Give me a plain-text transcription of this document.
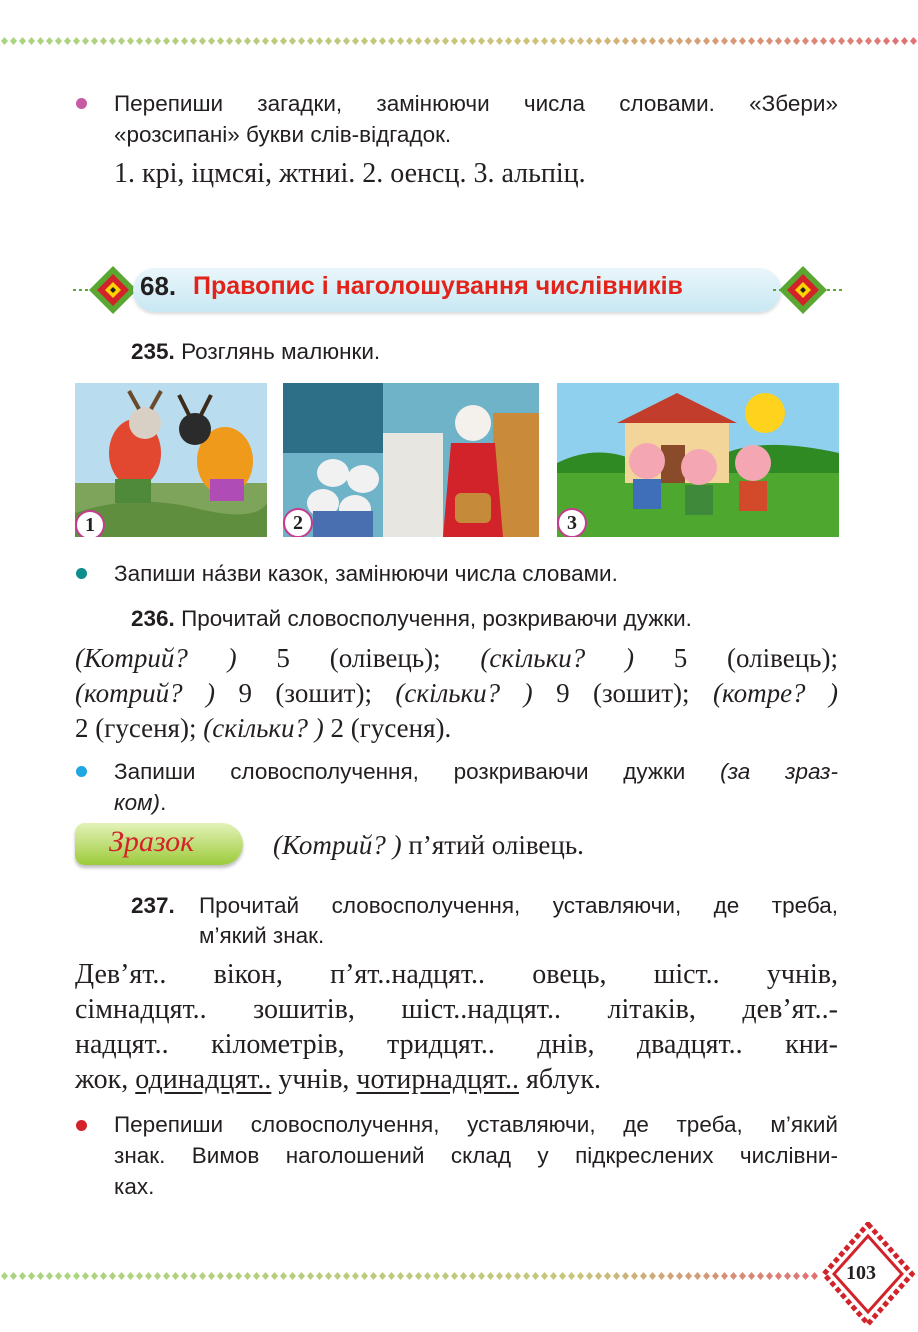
Перепиши загадки, замінюючи числа словами. «Збери»
«розсипані» букви слів-відгадок.
1. крі, іцмсяі, жтниі. 2. оенсц. 3. альпіц.
68. Правопис і наголошування числівників
235. Розглянь малюнки.
1	2	3
Запиши на́зви казок, замінюючи числа словами.
236. Прочитай словосполучення, розкриваючи дужки.
(Котрий? ) 5 (олівець); (скільки? ) 5 (олівець);
(котрий? ) 9 (зошит); (скільки? ) 9 (зошит); (котре? )
2 (гусеня); (скільки? ) 2 (гусеня).
Запиши словосполучення, розкриваючи дужки (за зраз-
ком).
Зразок	(Котрий? ) п’ятий олівець.
237. Прочитай словосполучення, уставляючи, де треба,
м’який знак.
Дев’ят.. вікон, п’ят..надцят.. овець, шіст.. учнів,
сімнадцят.. зошитів, шіст..надцят.. літаків, дев’ят..-
надцят.. кілометрів, тридцят.. днів, двадцят.. кни-
жок, одинадцят.. учнів, чотирнадцят.. яблук.
Перепиши словосполучення, уставляючи, де треба, м’який
знак. Вимов наголошений склад у підкреслених числівни-
ках.
103
